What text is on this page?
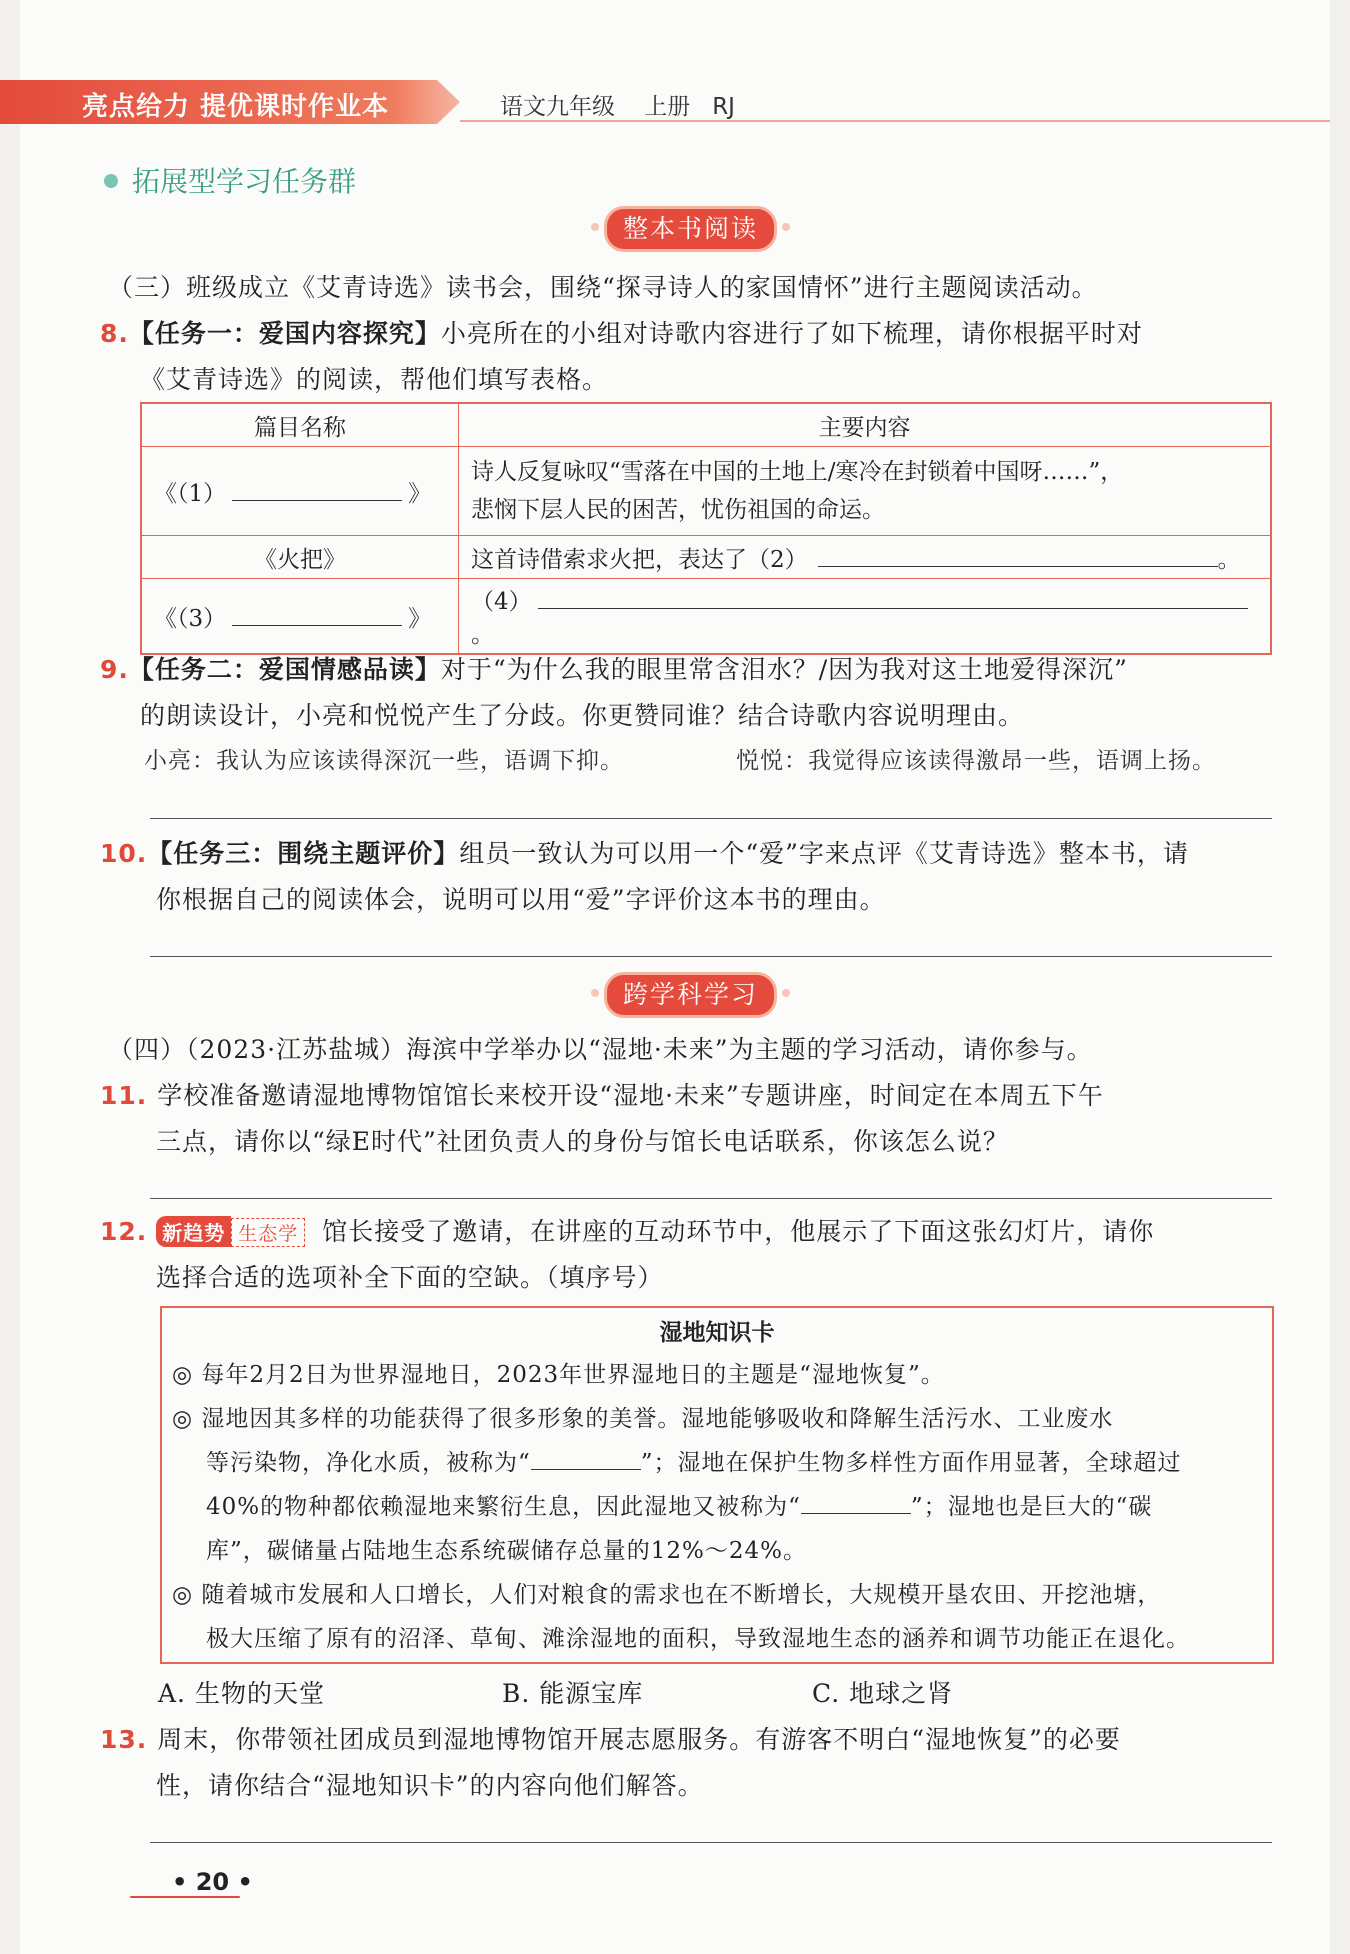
亮点给力 提优课时作业本	语文九年级 上册 RJ
拓展型学习任务群
整本书阅读
（三）班级成立《艾青诗选》读书会，围绕“探寻诗人的家国情怀”进行主题阅读活动。
8.【任务一：爱国内容探究】小亮所在的小组对诗歌内容进行了如下梳理，请你根据平时对
《艾青诗选》的阅读，帮他们填写表格。
篇目名称	主要内容
《（1） 》	诗人反复咏叹“雪落在中国的土地上/寒冷在封锁着中国呀……”，
悲悯下层人民的困苦，忧伤祖国的命运。

《火把》	这首诗借索求火把，表达了（2） 。
《（3） 》	（4）。
9.【任务二：爱国情感品读】对于“为什么我的眼里常含泪水？/因为我对这土地爱得深沉”
的朗读设计，小亮和悦悦产生了分歧。你更赞同谁？结合诗歌内容说明理由。
小亮：我认为应该读得深沉一些，语调下抑。	悦悦：我觉得应该读得激昂一些，语调上扬。
10.【任务三：围绕主题评价】组员一致认为可以用一个“爱”字来点评《艾青诗选》整本书，请
你根据自己的阅读体会，说明可以用“爱”字评价这本书的理由。
跨学科学习
（四）（2023·江苏盐城）海滨中学举办以“湿地·未来”为主题的学习活动，请你参与。
11. 学校准备邀请湿地博物馆馆长来校开设“湿地·未来”专题讲座，时间定在本周五下午
三点，请你以“绿E时代”社团负责人的身份与馆长电话联系，你该怎么说？
12. 新趋势 生态学 馆长接受了邀请，在讲座的互动环节中，他展示了下面这张幻灯片，请你
选择合适的选项补全下面的空缺。（填序号）
湿地知识卡
◎ 每年2月2日为世界湿地日，2023年世界湿地日的主题是“湿地恢复”。
◎ 湿地因其多样的功能获得了很多形象的美誉。湿地能够吸收和降解生活污水、工业废水
等污染物，净化水质，被称为“	”；湿地在保护生物多样性方面作用显著，全球超过
40%的物种都依赖湿地来繁衍生息，因此湿地又被称为“	”；湿地也是巨大的“碳
库”，碳储量占陆地生态系统碳储存总量的12%～24%。
◎ 随着城市发展和人口增长，人们对粮食的需求也在不断增长，大规模开垦农田、开挖池塘，
极大压缩了原有的沼泽、草甸、滩涂湿地的面积，导致湿地生态的涵养和调节功能正在退化。
A. 生物的天堂	B. 能源宝库	C. 地球之肾
13. 周末，你带领社团成员到湿地博物馆开展志愿服务。有游客不明白“湿地恢复”的必要
性，请你结合“湿地知识卡”的内容向他们解答。
• 20 •
